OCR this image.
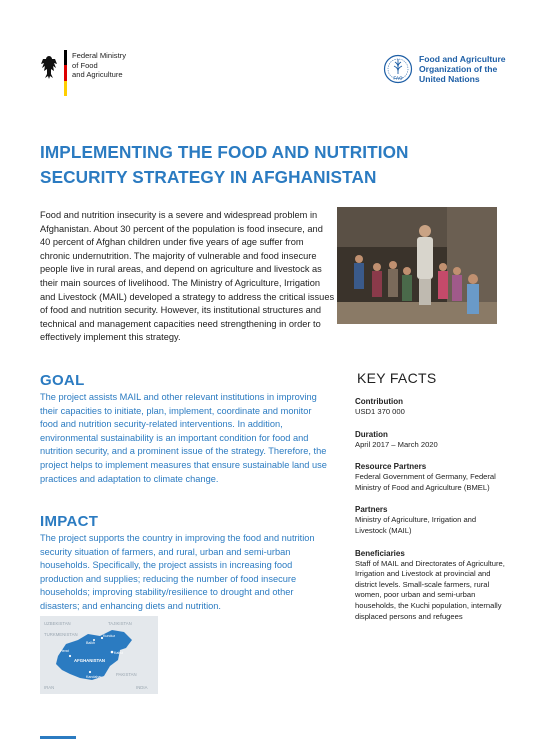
Federal Ministry
of Food
and Agriculture	FAO
Food and Agriculture
Organization of the
United Nations
IMPLEMENTING THE FOOD AND NUTRITION SECURITY STRATEGY IN AFGHANISTAN

Food and nutrition insecurity is a severe and widespread problem in Afghanistan. About 30 percent of the population is food insecure, and 40 percent of Afghan children under five years of age suffer from chronic undernutrition. The majority of vulnerable and food insecure people live in rural areas, and depend on agriculture and livestock as their main sources of livelihood. The Ministry of Agriculture, Irrigation and Livestock (MAIL) developed a strategy to address the critical issues of food and nutrition security. However, its institutional structures and technical and management capacities need strengthening in order to effectively implement this strategy.

GOAL

The project assists MAIL and other relevant institutions in improving their capacities to initiate, plan, implement, coordinate and monitor food and nutrition security-related interventions. In addition, environmental sustainability is an important condition for food and nutrition security, and a prominent issue of the strategy. Therefore, the project helps to implement measures that ensure sustainable land use practices and adaptation to climate change.

IMPACT

The project supports the country in improving the food and nutrition security situation of farmers, and rural, urban and semi-urban households. Specifically, the project assists in increasing food production and supplies; reducing the number of food insecure households; improving stability/resilience to drought and other disasters; and enhancing diets and nutrition.

KEY FACTS
Contribution
USD1 370 000
Duration
April 2017 – March 2020
Resource Partners
Federal Government of Germany, Federal Ministry of Food and Agriculture (BMEL)
Partners
Ministry of Agriculture, Irrigation and Livestock (MAIL)
Beneficiaries
Staff of MAIL and Directorates of Agriculture, Irrigation and Livestock at provincial and district levels. Small-scale farmers, rural women, poor urban and semi-urban households, the Kuchi population, internally displaced persons and refugees
UZBEKISTAN	TAJIKISTAN
TURKMENISTAN
IRAN
PAKISTAN
INDIA
AFGHANISTAN
Kabul
Kunduz
Herat
Kandahar
Balkh
